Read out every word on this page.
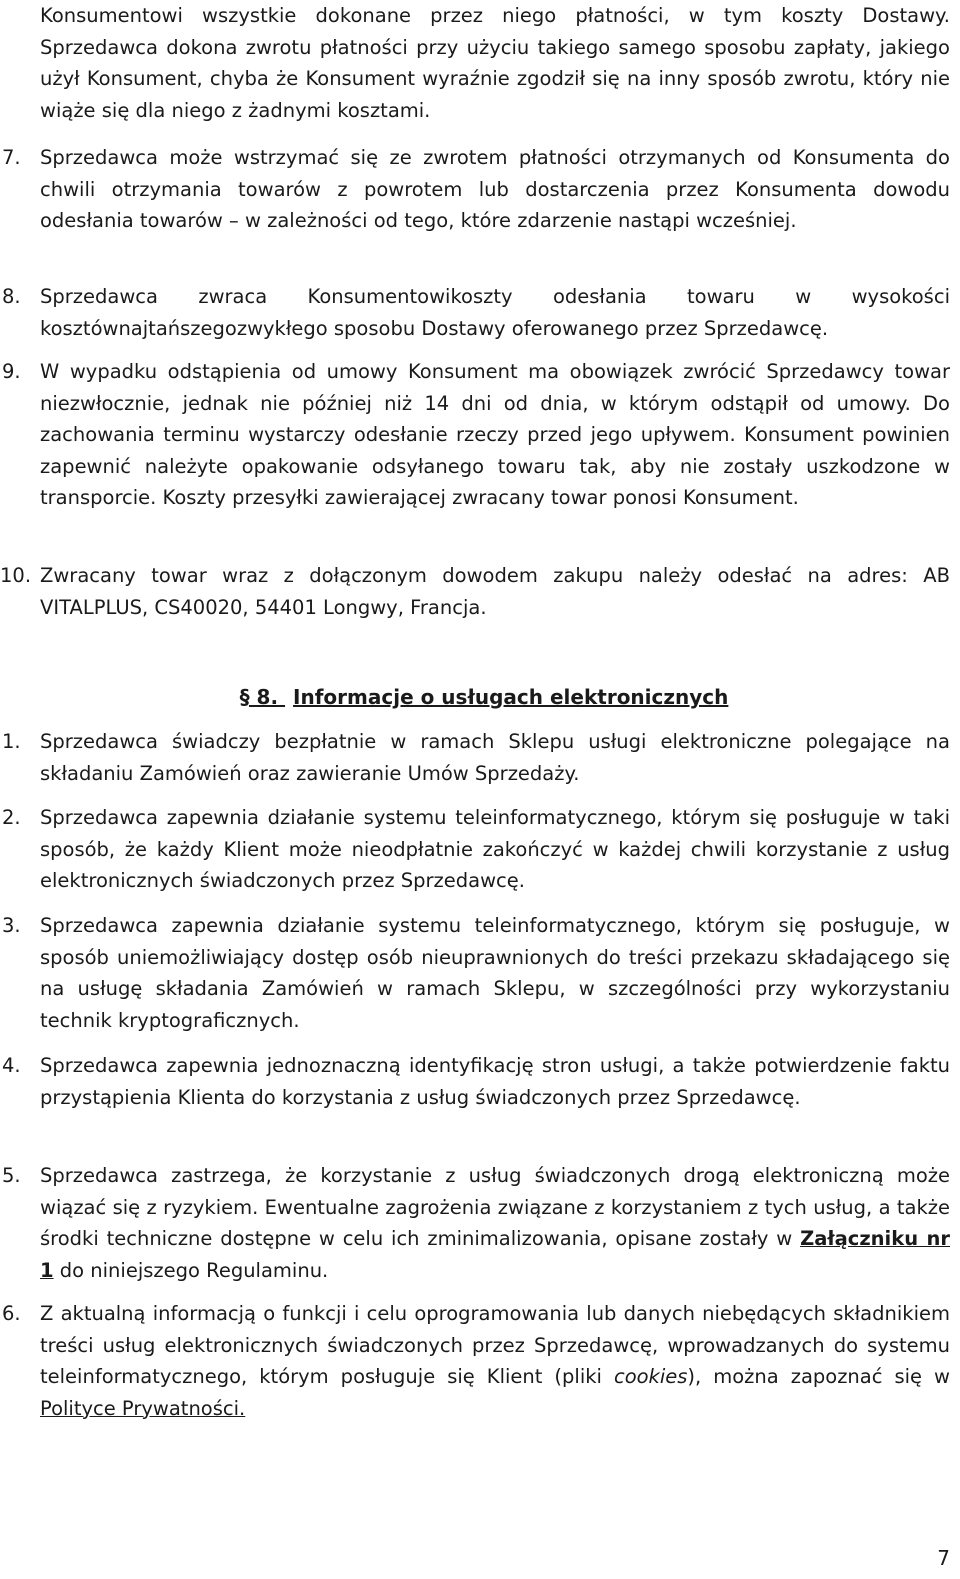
Konsumentowi wszystkie dokonane przez niego płatności, w tym koszty Dostawy. Sprzedawca dokona zwrotu płatności przy użyciu takiego samego sposobu zapłaty, jakiego użył Konsument, chyba że Konsument wyraźnie zgodził się na inny sposób zwrotu, który nie wiąże się dla niego z żadnymi kosztami.
7. Sprzedawca może wstrzymać się ze zwrotem płatności otrzymanych od Konsumenta do chwili otrzymania towarów z powrotem lub dostarczenia przez Konsumenta dowodu odesłania towarów – w zależności od tego, które zdarzenie nastąpi wcześniej.
8. Sprzedawca zwraca Konsumentowikoszty odesłania towaru w wysokości kosztównajtańszegozwykłego sposobu Dostawy oferowanego przez Sprzedawcę.
9. W wypadku odstąpienia od umowy Konsument ma obowiązek zwrócić Sprzedawcy towar niezwłocznie, jednak nie później niż 14 dni od dnia, w którym odstąpił od umowy. Do zachowania terminu wystarczy odesłanie rzeczy przed jego upływem. Konsument powinien zapewnić należyte opakowanie odsyłanego towaru tak, aby nie zostały uszkodzone w transporcie. Koszty przesyłki zawierającej zwracany towar ponosi Konsument.
10. Zwracany towar wraz z dołączonym dowodem zakupu należy odesłać na adres: AB VITALPLUS, CS40020, 54401 Longwy, Francja.
§ 8. Informacje o usługach elektronicznych
1. Sprzedawca świadczy bezpłatnie w ramach Sklepu usługi elektroniczne polegające na składaniu Zamówień oraz zawieranie Umów Sprzedaży.
2. Sprzedawca zapewnia działanie systemu teleinformatycznego, którym się posługuje w taki sposób, że każdy Klient może nieodpłatnie zakończyć w każdej chwili korzystanie z usług elektronicznych świadczonych przez Sprzedawcę.
3. Sprzedawca zapewnia działanie systemu teleinformatycznego, którym się posługuje, w sposób uniemożliwiający dostęp osób nieuprawnionych do treści przekazu składającego się na usługę składania Zamówień w ramach Sklepu, w szczególności przy wykorzystaniu technik kryptograficznych.
4. Sprzedawca zapewnia jednoznaczną identyfikację stron usługi, a także potwierdzenie faktu przystąpienia Klienta do korzystania z usług świadczonych przez Sprzedawcę.
5. Sprzedawca zastrzega, że korzystanie z usług świadczonych drogą elektroniczną może wiązać się z ryzykiem. Ewentualne zagrożenia związane z korzystaniem z tych usług, a także środki techniczne dostępne w celu ich zminimalizowania, opisane zostały w Załączniku nr 1 do niniejszego Regulaminu.
6. Z aktualną informacją o funkcji i celu oprogramowania lub danych niebędących składnikiem treści usług elektronicznych świadczonych przez Sprzedawcę, wprowadzanych do systemu teleinformatycznego, którym posługuje się Klient (pliki cookies), można zapoznać się w Polityce Prywatności.
7
